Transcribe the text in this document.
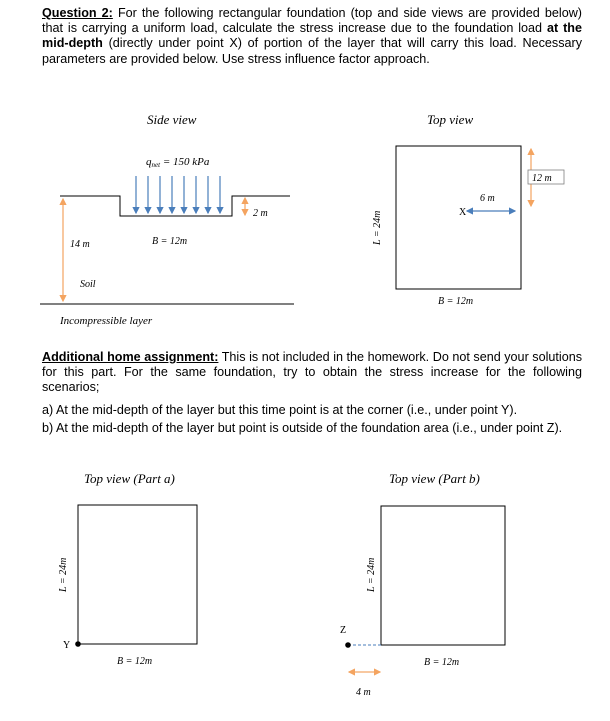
Question 2: For the following rectangular foundation (top and side views are provided below) that is carrying a uniform load, calculate the stress increase due to the foundation load at the mid-depth (directly under point X) of portion of the layer that will carry this load. Necessary parameters are provided below. Use stress influence factor approach.
Side view
qnet = 150 kPa
2 m
B = 12m
14 m
Soil
Incompressible layer
Top view
L = 24m	X
6 m
12 m
B = 12m
Top view (Part a)
L = 24m
Y
B = 12m
Top view (Part b)
L = 24m
Z
4 m
B = 12m
Additional home assignment: This is not included in the homework. Do not send your solutions for this part. For the same foundation, try to obtain the stress increase for the following scenarios;
a) At the mid-depth of the layer but this time point is at the corner (i.e., under point Y).
b) At the mid-depth of the layer but point is outside of the foundation area (i.e., under point Z).
